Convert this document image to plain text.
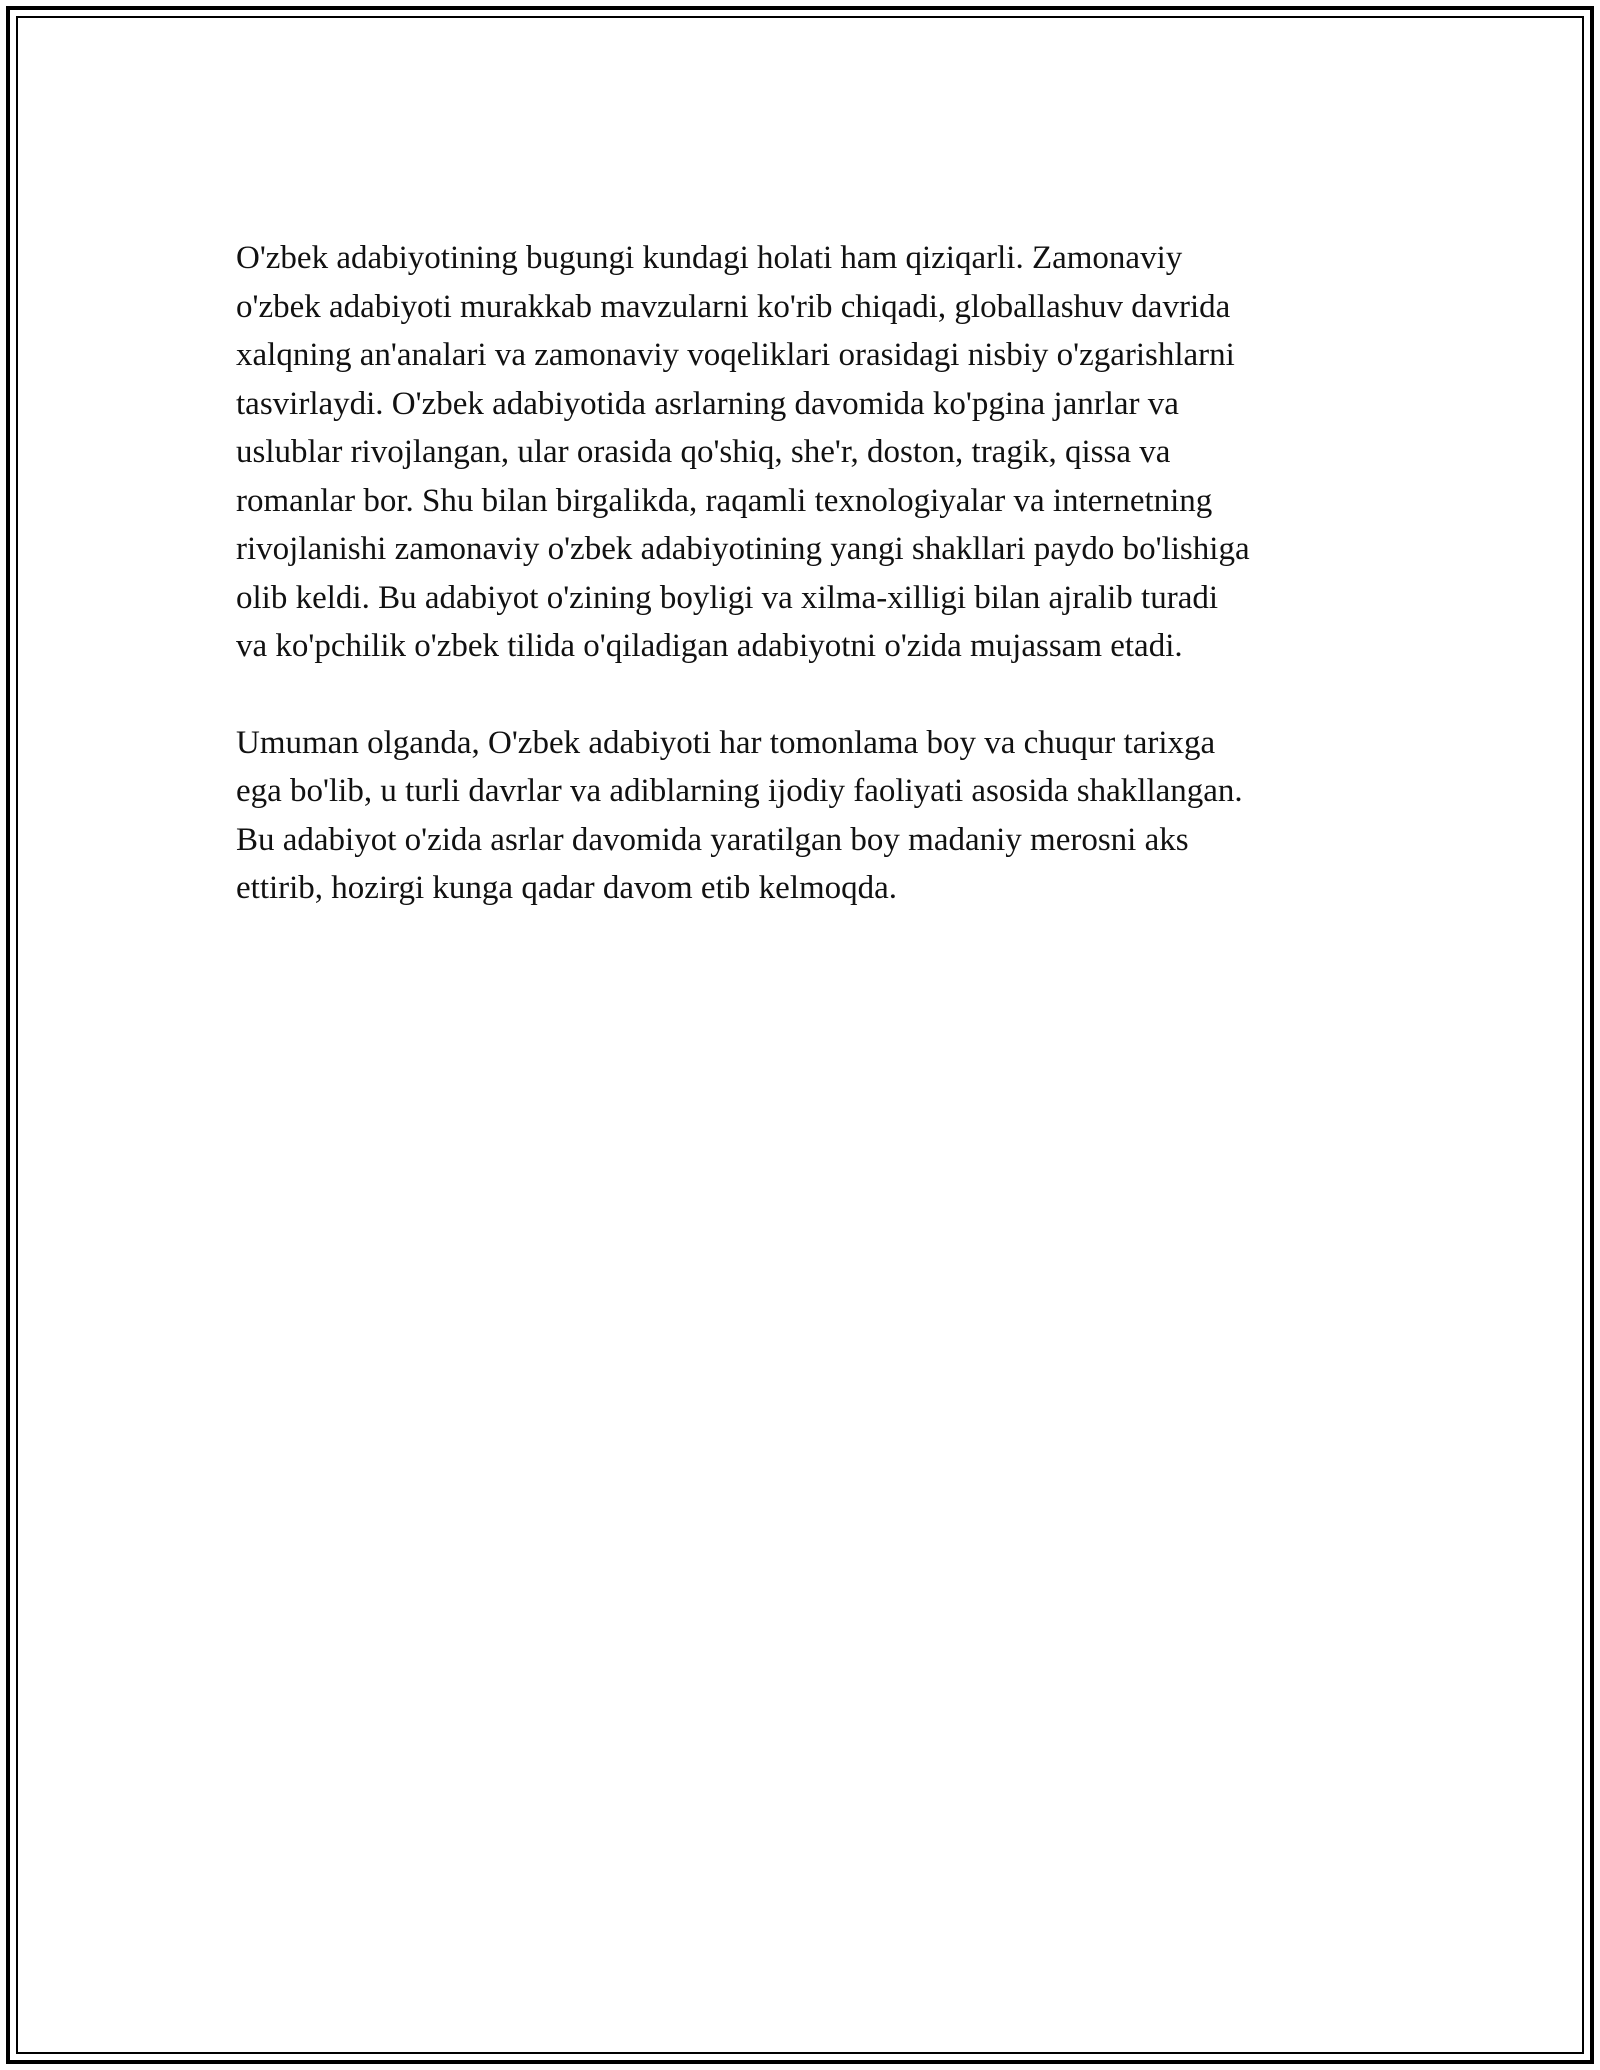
O'zbek adabiyotining bugungi kundagi holati ham qiziqarli. Zamonaviy
o'zbek adabiyoti murakkab mavzularni ko'rib chiqadi, globallashuv davrida
xalqning an'analari va zamonaviy voqeliklari orasidagi nisbiy o'zgarishlarni
tasvirlaydi. O'zbek adabiyotida asrlarning davomida ko'pgina janrlar va
uslublar rivojlangan, ular orasida qo'shiq, she'r, doston, tragik, qissa va
romanlar bor. Shu bilan birgalikda, raqamli texnologiyalar va internetning
rivojlanishi zamonaviy o'zbek adabiyotining yangi shakllari paydo bo'lishiga
olib keldi. Bu adabiyot o'zining boyligi va xilma-xilligi bilan ajralib turadi
va ko'pchilik o'zbek tilida o'qiladigan adabiyotni o'zida mujassam etadi.

Umuman olganda, O'zbek adabiyoti har tomonlama boy va chuqur tarixga
ega bo'lib, u turli davrlar va adiblarning ijodiy faoliyati asosida shakllangan.
Bu adabiyot o'zida asrlar davomida yaratilgan boy madaniy merosni aks
ettirib, hozirgi kunga qadar davom etib kelmoqda.
